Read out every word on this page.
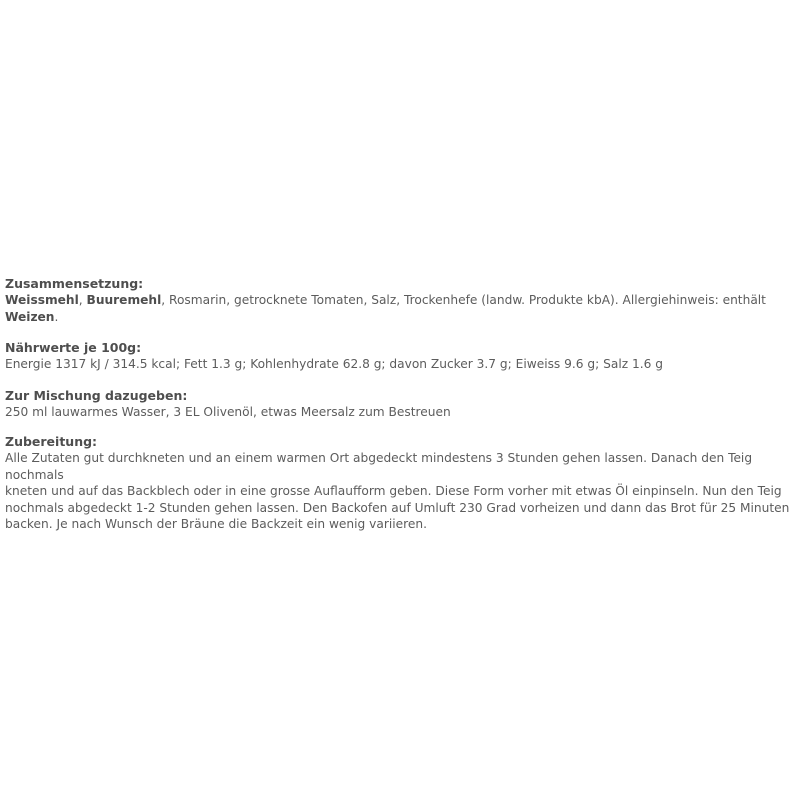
Zusammensetzung:

Weissmehl, Buuremehl, Rosmarin, getrocknete Tomaten, Salz, Trockenhefe (landw. Produkte kbA). Allergiehinweis: enthält Weizen.

Nährwerte je 100g:

Energie 1317 kJ / 314.5 kcal; Fett 1.3 g; Kohlenhydrate 62.8 g; davon Zucker 3.7 g; Eiweiss 9.6 g; Salz 1.6 g

Zur Mischung dazugeben:

250 ml lauwarmes Wasser, 3 EL Olivenöl, etwas Meersalz zum Bestreuen

Zubereitung:

Alle Zutaten gut durchkneten und an einem warmen Ort abgedeckt mindestens 3 Stunden gehen lassen. Danach den Teig nochmals

kneten und auf das Backblech oder in eine grosse Auflaufform geben. Diese Form vorher mit etwas Öl einpinseln. Nun den Teig

nochmals abgedeckt 1-2 Stunden gehen lassen. Den Backofen auf Umluft 230 Grad vorheizen und dann das Brot für 25 Minuten

backen. Je nach Wunsch der Bräune die Backzeit ein wenig variieren.
